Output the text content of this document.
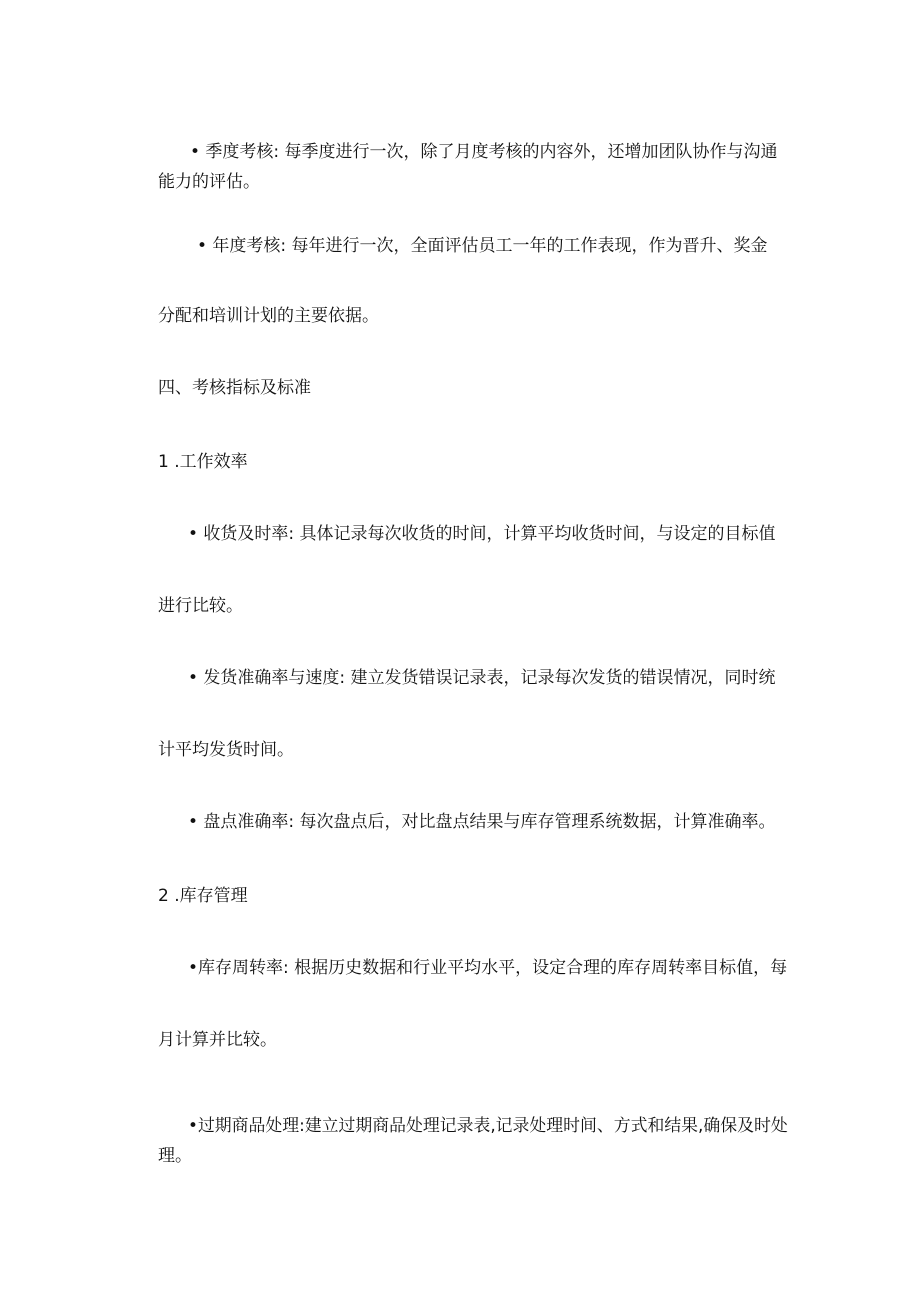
• 季度考核: 每季度进行一次，除了月度考核的内容外，还增加团队协作与沟通
能力的评估。
• 年度考核: 每年进行一次，全面评估员工一年的工作表现，作为晋升、奖金
分配和培训计划的主要依据。
四、考核指标及标准
1 .工作效率
• 收货及时率: 具体记录每次收货的时间，计算平均收货时间，与设定的目标值
进行比较。
• 发货准确率与速度: 建立发货错误记录表，记录每次发货的错误情况，同时统
计平均发货时间。
• 盘点准确率: 每次盘点后，对比盘点结果与库存管理系统数据，计算准确率。
2 .库存管理
•库存周转率: 根据历史数据和行业平均水平，设定合理的库存周转率目标值，每
月计算并比较。
•过期商品处理:建立过期商品处理记录表,记录处理时间、方式和结果,确保及时处
理。
